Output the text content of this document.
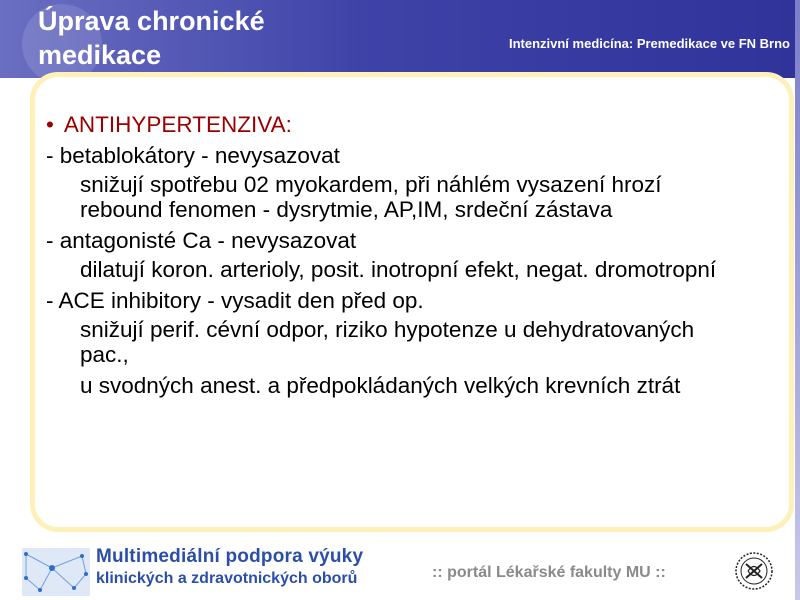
Úprava chronické medikace	Intenzivní medicína: Premedikace ve FN Brno
• ANTIHYPERTENZIVA:
- betablokátory - nevysazovat
snižují spotřebu 02 myokardem, při náhlém vysazení hrozí rebound fenomen - dysrytmie, AP,IM, srdeční zástava
- antagonisté Ca - nevysazovat
dilatují koron. arterioly, posit. inotropní efekt, negat. dromotropní
- ACE inhibitory - vysadit den před op.
snižují perif. cévní odpor, riziko hypotenze u dehydratovaných pac.,
u svodných anest. a předpokládaných velkých krevních ztrát
Multimediální podpora výuky
klinických a zdravotnických oborů	:: portál Lékařské fakulty MU ::
